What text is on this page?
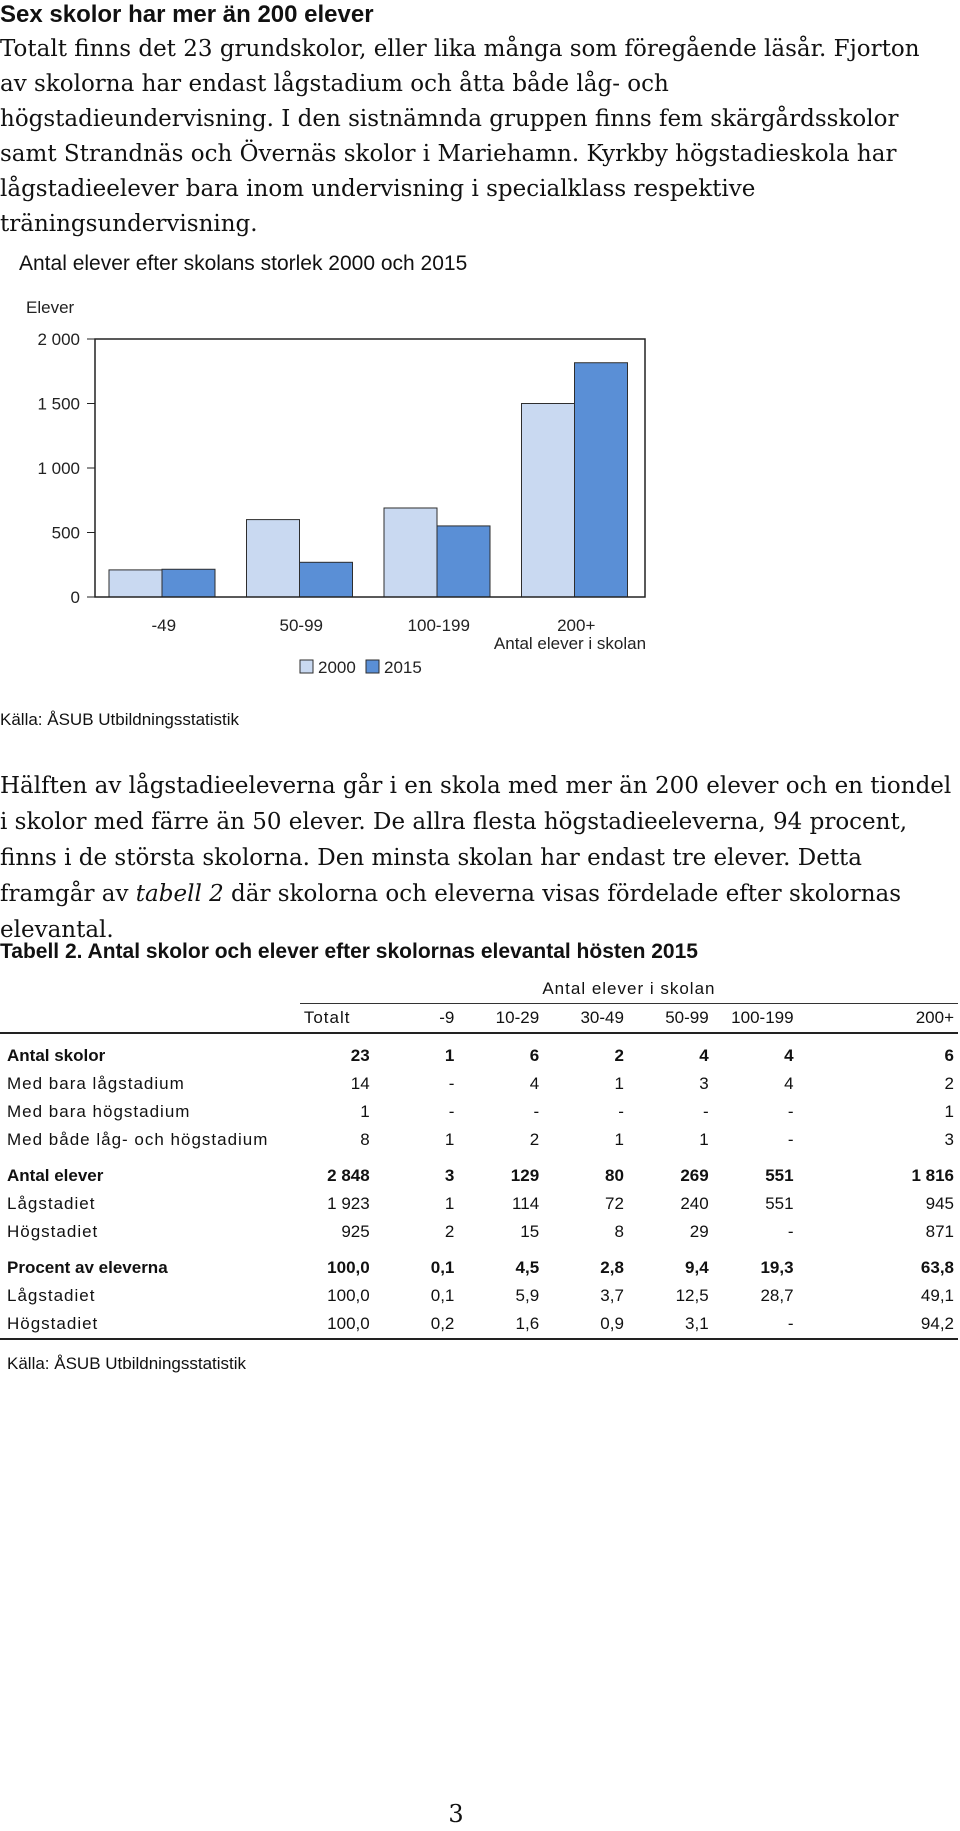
Sex skolor har mer än 200 elever

Totalt finns det 23 grundskolor, eller lika många som föregående läsår. Fjorton av skolorna har endast lågstadium och åtta både låg- och högstadieundervisning. I den sistnämnda gruppen finns fem skärgårdsskolor samt Strandnäs och Övernäs skolor i Mariehamn. Kyrkby högstadieskola har lågstadieelever bara inom undervisning i specialklass respektive träningsundervisning.

Antal elever efter skolans storlek 2000 och 2015
Elever
0
500
1 000
1 500
2 000
-49	50-99	100-199	200+
Antal elever i skolan
2000 2015
Källa: ÅSUB Utbildningsstatistik

Hälften av lågstadieeleverna går i en skola med mer än 200 elever och en tiondel i skolor med färre än 50 elever. De allra flesta högstadieeleverna, 94 procent, finns i de största skolorna. Den minsta skolan har endast tre elever. Detta framgår av tabell 2 där skolorna och eleverna visas fördelade efter skolornas elevantal.

Tabell 2. Antal skolor och elever efter skolornas elevantal hösten 2015
	Antal elever i skolan						
	Totalt	-9	10-29	30-49	50-99	100-199	200+

Antal skolor	23	1	6	2	4	4	6
Med bara lågstadium	14	-	4	1	3	4	2
Med bara högstadium	1	-	-	-	-	-	1
Med både låg- och högstadium	8	1	2	1	1	-	3

Antal elever	2 848	3	129	80	269	551	1 816
Lågstadiet	1 923	1	114	72	240	551	945
Högstadiet	925	2	15	8	29	-	871

Procent av eleverna	100,0	0,1	4,5	2,8	9,4	19,3	63,8
Lågstadiet	100,0	0,1	5,9	3,7	12,5	28,7	49,1
Högstadiet	100,0	0,2	1,6	0,9	3,1	-	94,2
Källa: ÅSUB Utbildningsstatistik
3
